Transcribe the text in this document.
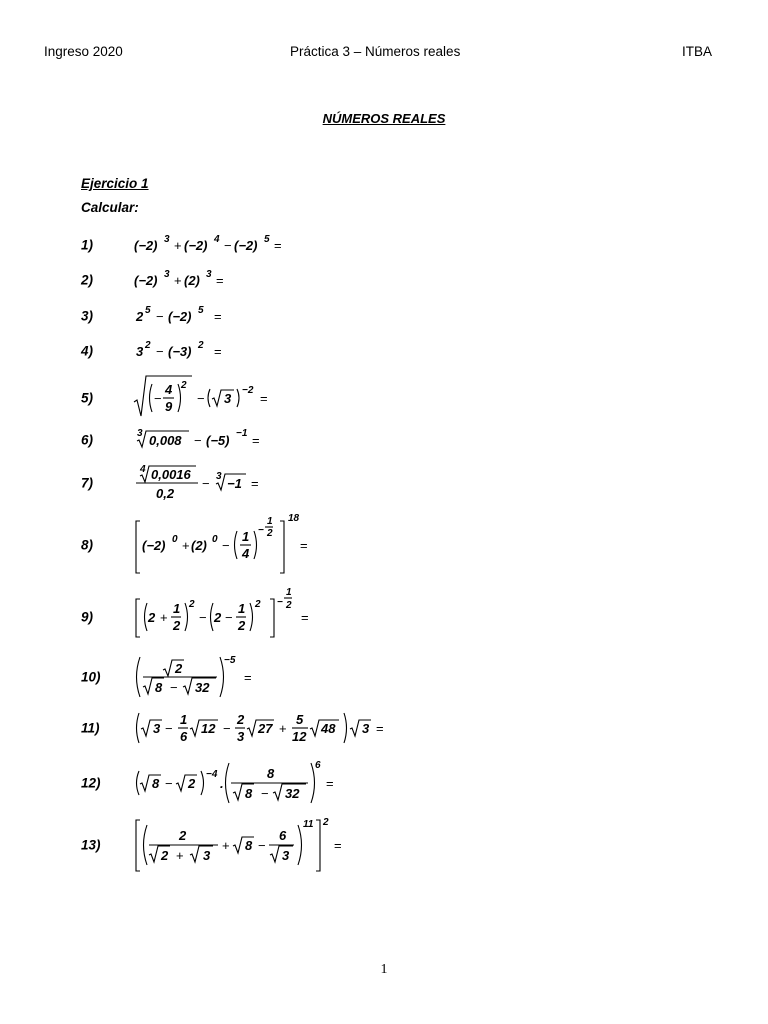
Ingreso 2020	Práctica 3 – Números reales	ITBA
NÚMEROS REALES
Ejercicio 1
Calcular:
1)	(−2) 3 + (−2) 4 − (−2) 5 =
2)	(−2) 3 + (2) 3 =
3)	2 5 − (−2) 5 =
4)	3 2 − (−3) 2 =
5)	−
4
9
2
− 3
−2
=
6)	3 0,008 − (−5) −1 =
7)
4 0,0016
0,2
− 3 −1 =
8)	(−2) 0 + (2) 0 −
1
4
−
1
2
18
=
9)	2 +
1
2
2
− 2 −
1
2
2 −
1
2
=
10)
2
8 − 32
−5
=
11)	3 −
1
6
12 −
2
3
27 +
5
12
48 3 =
12)	8 − 2
−4
.
8
8 − 32
6
=
13)
2
2 + 3
+ 8 −
6
3
11 2
=
1
